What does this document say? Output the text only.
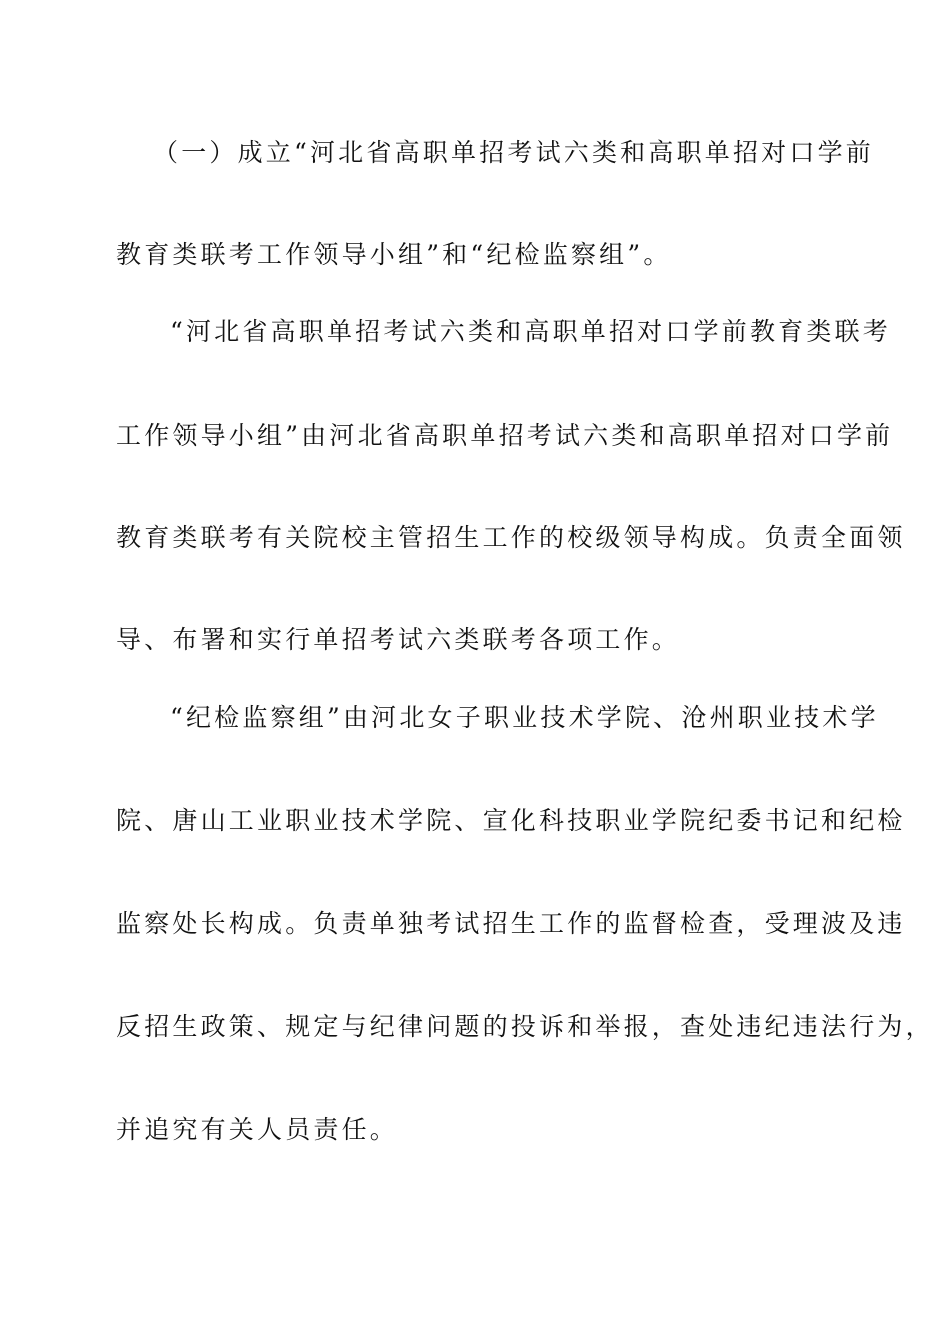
（一）成立“河北省高职单招考试六类和高职单招对口学前
教育类联考工作领导小组”和“纪检监察组”。
“河北省高职单招考试六类和高职单招对口学前教育类联考
工作领导小组”由河北省高职单招考试六类和高职单招对口学前
教育类联考有关院校主管招生工作的校级领导构成。负责全面领
导、布署和实行单招考试六类联考各项工作。
“纪检监察组”由河北女子职业技术学院、沧州职业技术学
院、唐山工业职业技术学院、宣化科技职业学院纪委书记和纪检
监察处长构成。负责单独考试招生工作的监督检查，受理波及违
反招生政策、规定与纪律问题的投诉和举报，查处违纪违法行为，
并追究有关人员责任。
